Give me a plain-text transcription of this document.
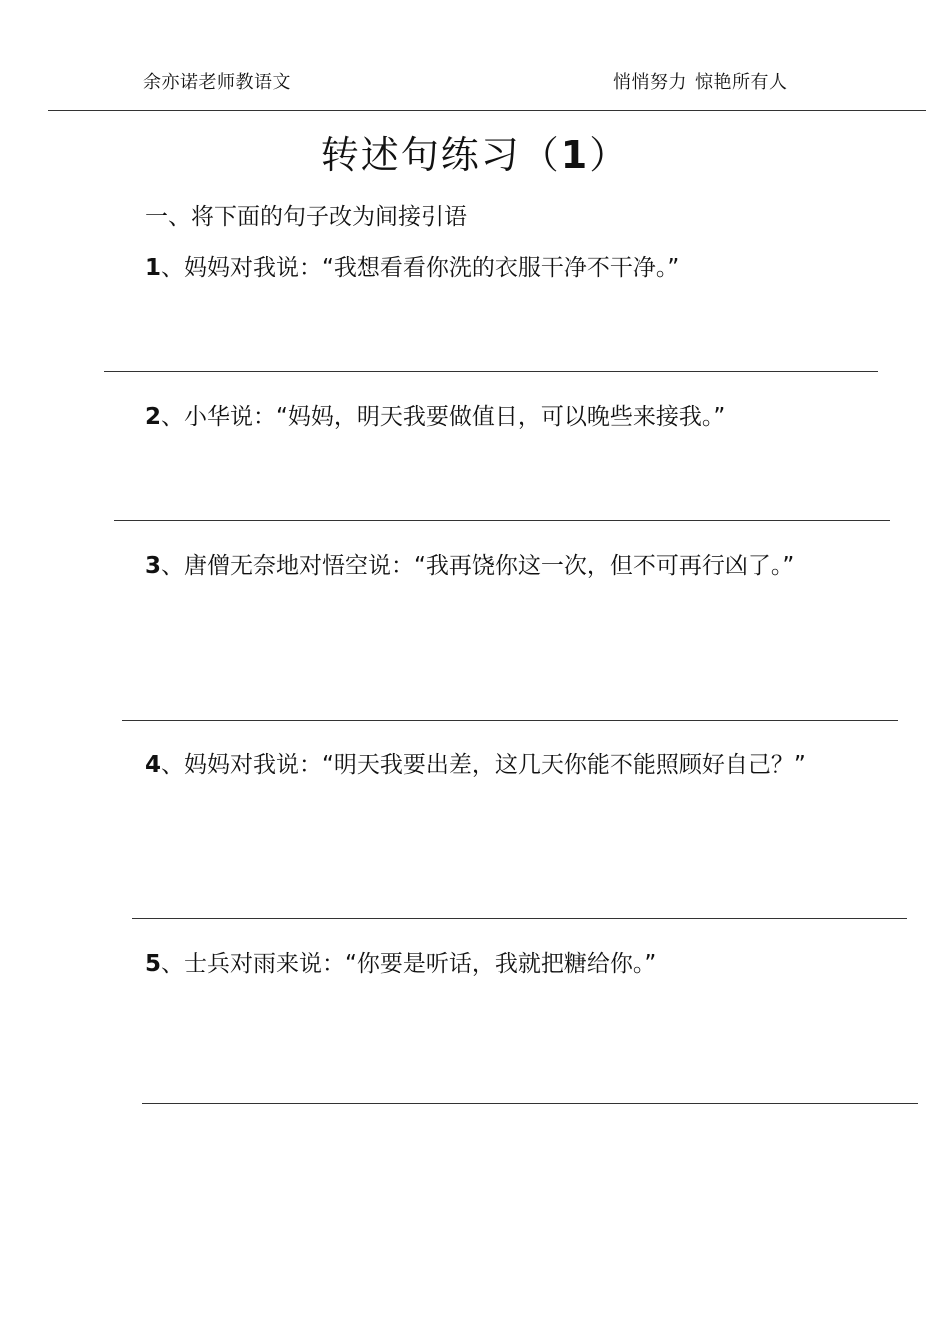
余亦诺老师教语文	悄悄努力 惊艳所有人
转述句练习（1）
一、将下面的句子改为间接引语
1、妈妈对我说：“我想看看你洗的衣服干净不干净。”
2、小华说：“妈妈，明天我要做值日，可以晚些来接我。”
3、唐僧无奈地对悟空说：“我再饶你这一次，但不可再行凶了。”
4、妈妈对我说：“明天我要出差，这几天你能不能照顾好自己？”
5、士兵对雨来说：“你要是听话，我就把糖给你。”
